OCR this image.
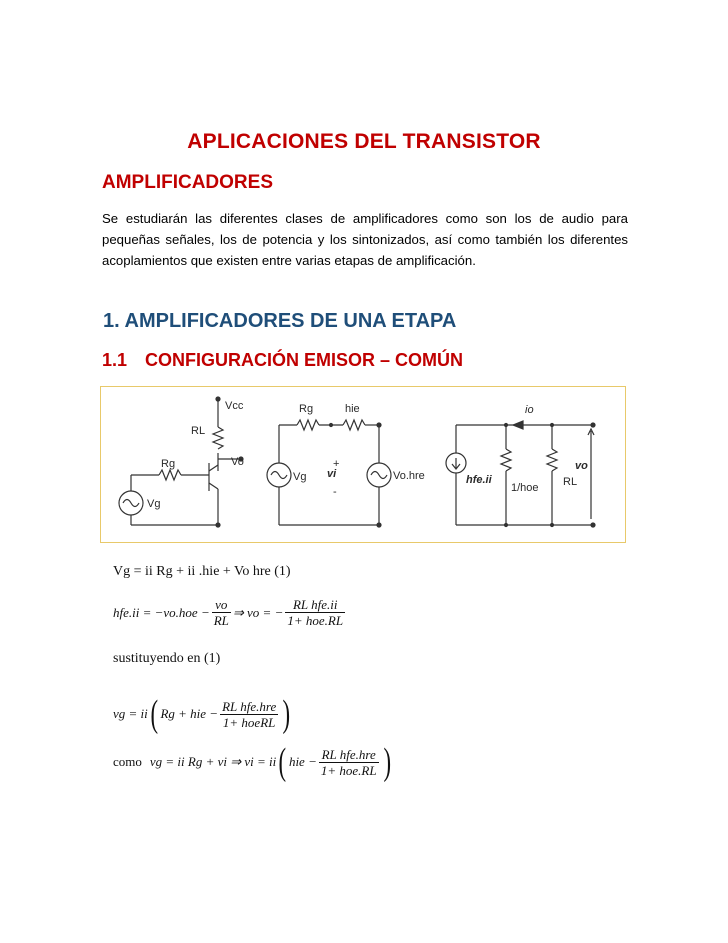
APLICACIONES DEL TRANSISTOR
AMPLIFICADORES
Se estudiarán las diferentes clases de amplificadores como son los de audio para pequeñas señales, los de potencia y los sintonizados, así como también los diferentes acoplamientos que existen entre varias etapas de amplificación.
1. AMPLIFICADORES DE UNA ETAPA
1.1 CONFIGURACIÓN EMISOR – COMÚN
Vcc
RL
Vo
Rg
Vg
Rg	hie
Vg vi
+
-
Vo.hre	hfe.ii
io
1/hoe RL
vo
Vg = ii Rg + ii .hie + Vo hre (1)
$hfe.ii = -vo.hoe - \frac{vo}{RL}$ ⇒ vo = − $\frac{\text{RL hfe.ii}}{\text{1+ hoe.RL}}$
sustituyendo en (1)
vg = ii ( Rg + hie − $\frac{\text{RL hfe.hre}}{\text{1+ hoeRL}}$ )
como vg = ii Rg + vi ⇒ vi = ii ( hie − $\frac{\text{RL hfe.hre}}{\text{1+ hoe.RL}}$ )
